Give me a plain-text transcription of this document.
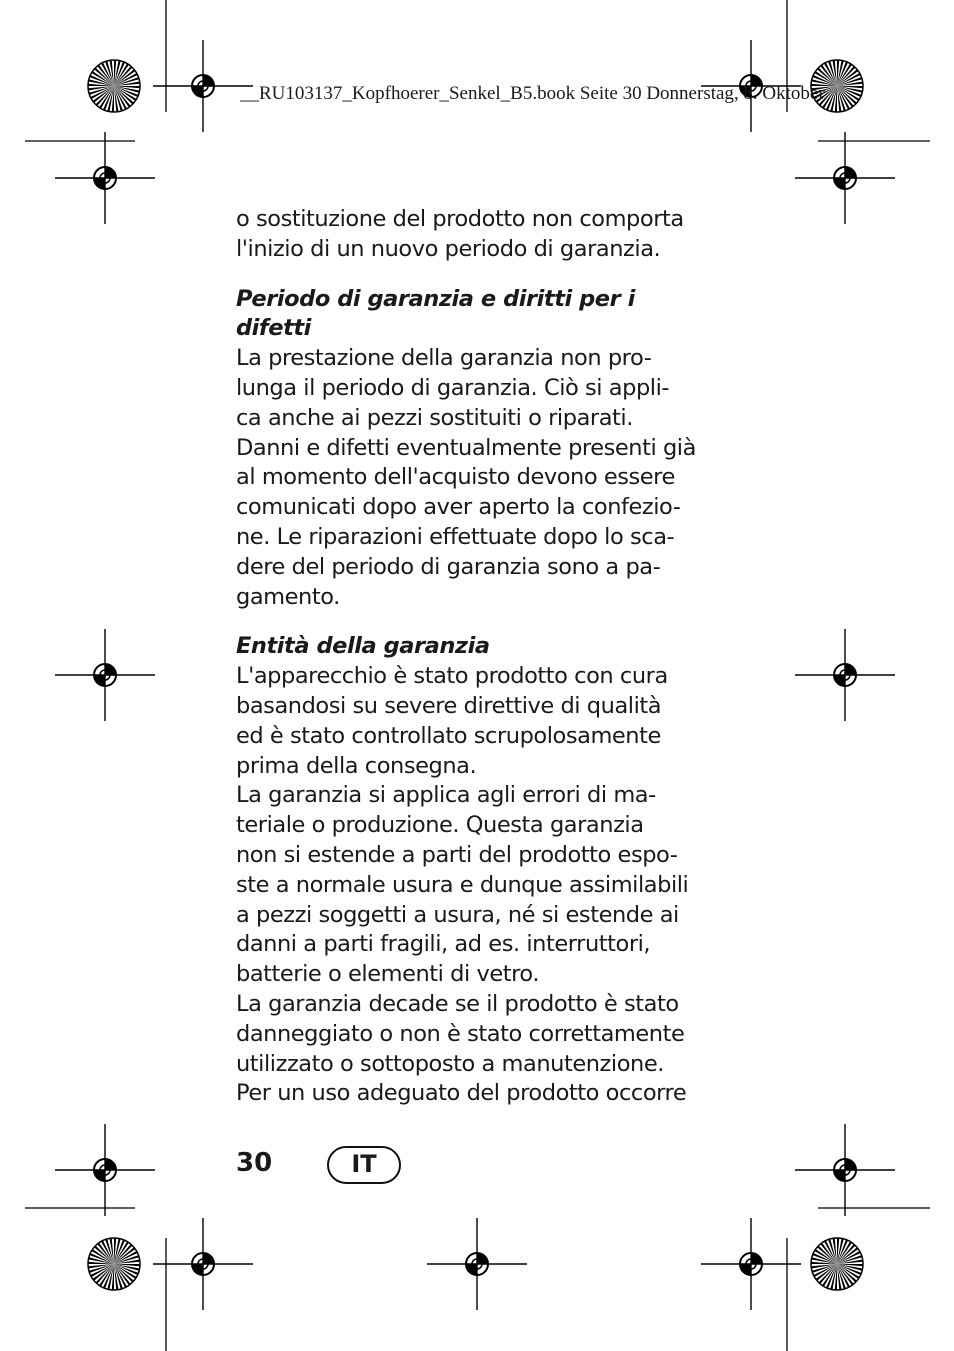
__RU103137_Kopfhoerer_Senkel_B5.book Seite 30 Donnerstag, 8. Oktober

o sostituzione del prodotto non comporta
l'inizio di un nuovo periodo di garanzia.

Periodo di garanzia e diritti per i
difetti

La prestazione della garanzia non pro-
lunga il periodo di garanzia. Ciò si appli-
ca anche ai pezzi sostituiti o riparati.
Danni e difetti eventualmente presenti già
al momento dell'acquisto devono essere
comunicati dopo aver aperto la confezio-
ne. Le riparazioni effettuate dopo lo sca-
dere del periodo di garanzia sono a pa-
gamento.

Entità della garanzia

L'apparecchio è stato prodotto con cura
basandosi su severe direttive di qualità
ed è stato controllato scrupolosamente
prima della consegna.
La garanzia si applica agli errori di ma-
teriale o produzione. Questa garanzia
non si estende a parti del prodotto espo-
ste a normale usura e dunque assimilabili
a pezzi soggetti a usura, né si estende ai
danni a parti fragili, ad es. interruttori,
batterie o elementi di vetro.
La garanzia decade se il prodotto è stato
danneggiato o non è stato correttamente
utilizzato o sottoposto a manutenzione.
Per un uso adeguato del prodotto occorre

30	IT
